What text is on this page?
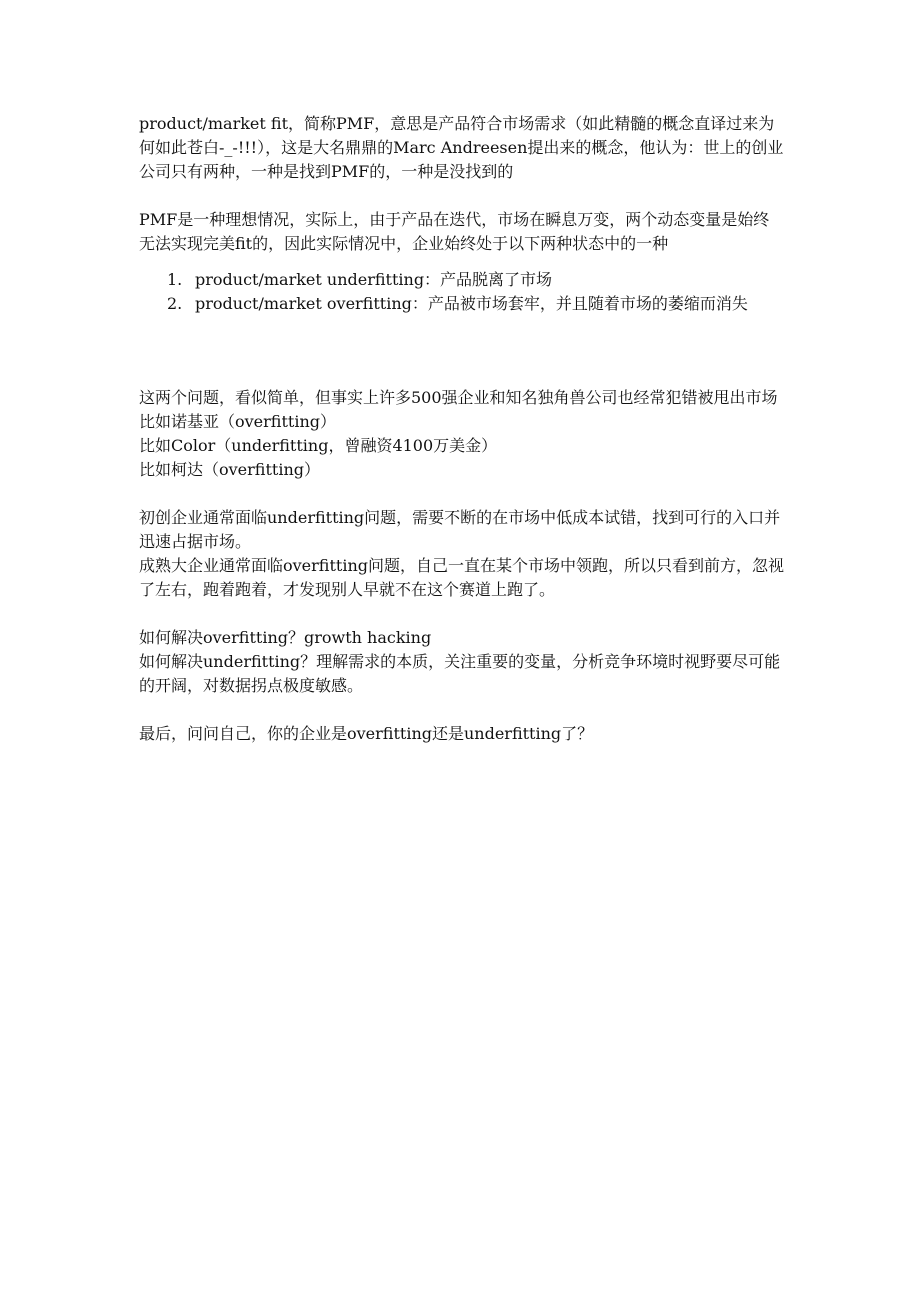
product/market fit，简称PMF，意思是产品符合市场需求（如此精髓的概念直译过来为何如此苍白-_-!!!），这是大名鼎鼎的Marc Andreesen提出来的概念，他认为：世上的创业公司只有两种，一种是找到PMF的，一种是没找到的

PMF是一种理想情况，实际上，由于产品在迭代，市场在瞬息万变，两个动态变量是始终无法实现完美fit的，因此实际情况中，企业始终处于以下两种状态中的一种

1. product/market underfitting：产品脱离了市场
2. product/market overfitting：产品被市场套牢，并且随着市场的萎缩而消失

这两个问题，看似简单，但事实上许多500强企业和知名独角兽公司也经常犯错被甩出市场

比如诺基亚（overfitting）

比如Color（underfitting，曾融资4100万美金）

比如柯达（overfitting）

初创企业通常面临underfitting问题，需要不断的在市场中低成本试错，找到可行的入口并迅速占据市场。

成熟大企业通常面临overfitting问题，自己一直在某个市场中领跑，所以只看到前方，忽视了左右，跑着跑着，才发现别人早就不在这个赛道上跑了。

如何解决overfitting？growth hacking

如何解决underfitting？理解需求的本质，关注重要的变量，分析竞争环境时视野要尽可能的开阔，对数据拐点极度敏感。

最后，问问自己，你的企业是overfitting还是underfitting了？
